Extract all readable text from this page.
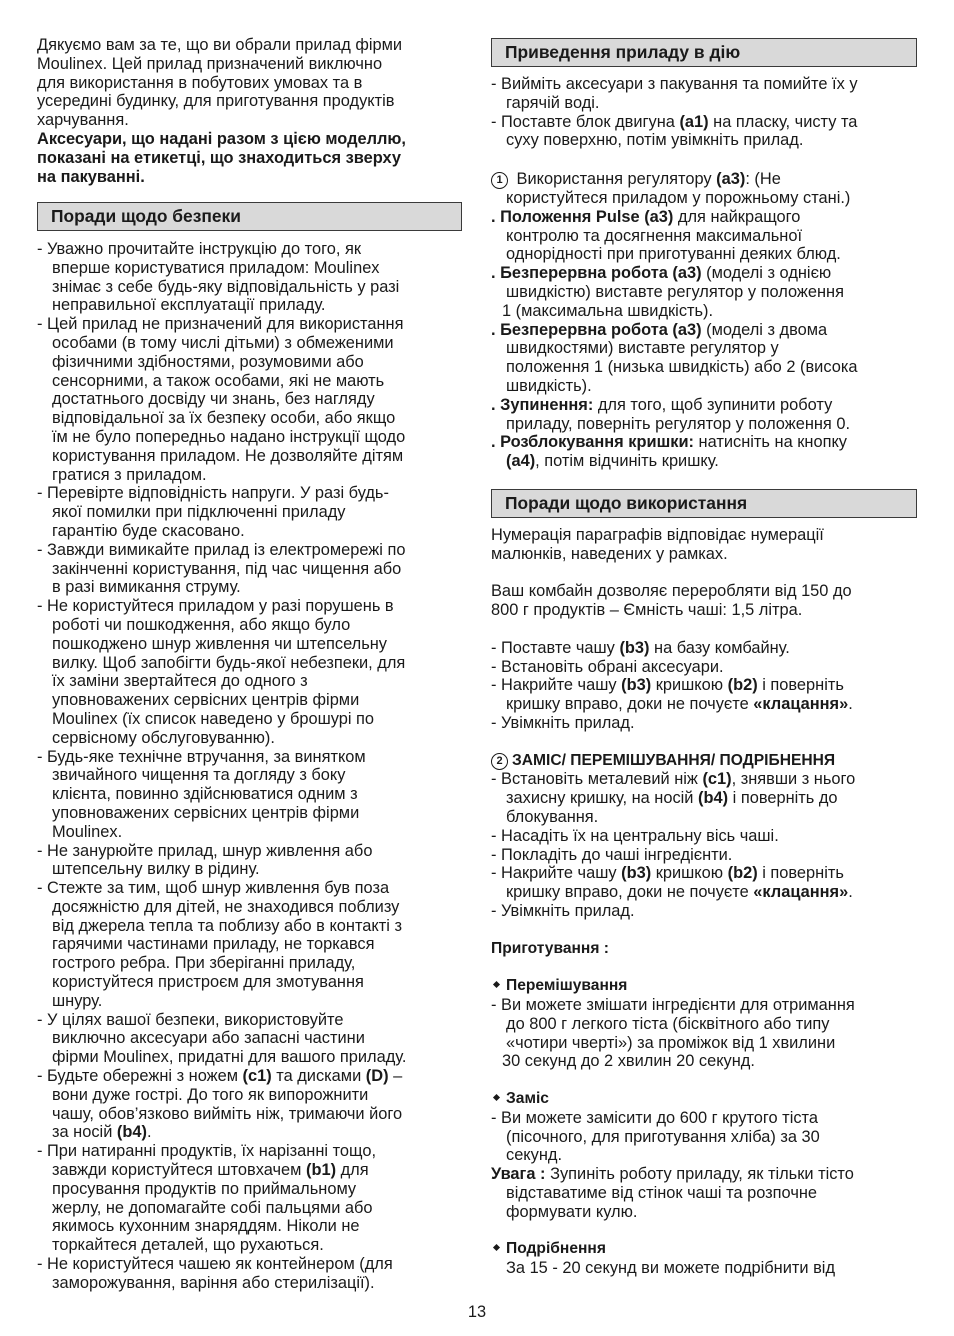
Дякуємо вам за те, що ви обрали прилад фірми

Moulinex. Цей прилад призначений виключно

для використання в побутових умовах та в

усередині будинку, для приготування продуктів

харчування.

Аксесуари, що надані разом з цією моделлю,

показані на етикетці, що знаходиться зверху

на пакуванні.

Поради щодо безпеки

- Уважно прочитайте інструкцію до того, як

вперше користуватися приладом: Moulinex

знімає з себе будь-яку відповідальність у разі

неправильної експлуатації приладу.

- Цей прилад не призначений для використання

особами (в тому числі дітьми) з обмеженими

фізичними здібностями, розумовими або

сенсорними, а також особами, які не мають

достатнього досвіду чи знань, без нагляду

відповідальної за їх безпеку особи, або якщо

їм не було попередньо надано інструкції щодо

користування приладом. Не дозволяйте дітям

гратися з приладом.

- Перевірте відповідність напруги. У разі будь-

якої помилки при підключенні приладу

гарантію буде скасовано.

- Завжди вимикайте прилад із електромережі по

закінченні користування, під час чищення або

в разі вимикання струму.

- Не користуйтеся приладом у разі порушень в

роботі чи пошкодження, або якщо було

пошкоджено шнур живлення чи штепсельну

вилку. Щоб запобігти будь-якої небезпеки, для

їх заміни звертайтеся до одного з

уповноважених сервісних центрів фірми

Moulinex (їх список наведено у брошурі по

сервісному обслуговуванню).

- Будь-яке технічне втручання, за винятком

звичайного чищення та догляду з боку

клієнта, повинно здійснюватися одним з

уповноважених сервісних центрів фірми

Moulinex.

- Не занурюйте прилад, шнур живлення або

штепсельну вилку в рідину.

- Стежте за тим, щоб шнур живлення був поза

досяжністю для дітей, не знаходився поблизу

від джерела тепла та поблизу або в контакті з

гарячими частинами приладу, не торкався

гострого ребра. При зберіганні приладу,

користуйтеся пристроєм для змотування

шнуру.

- У цілях вашої безпеки, використовуйте

виключно аксесуари або запасні частини

фірми Moulinex, придатні для вашого приладу.

- Будьте обережні з ножем (c1) та дисками (D) –

вони дуже гострі. До того як випорожнити

чашу, обов’язково вийміть ніж, тримаючи його

за носій (b4).

- При натиранні продуктів, їх нарізанні тощо,

завжди користуйтеся штовхачем (b1) для

просування продуктів по приймальному

жерлу, не допомагайте собі пальцями або

якимось кухонним знаряддям. Ніколи не

торкайтеся деталей, що рухаються.

- Не користуйтеся чашею як контейнером (для

заморожування, варіння або стерилізації).

Приведення приладу в дію

- Вийміть аксесуари з пакування та помийте їх у

гарячій воді.

- Поставте блок двигуна (a1) на пласку, чисту та

суху поверхню, потім увімкніть прилад.

1 Використання регулятору (a3): (Не

користуйтеся приладом у порожньому стані.)

. Положення Pulse (a3) для найкращого

контролю та досягнення максимальної

однорідності при приготуванні деяких блюд.

. Безперервна робота (a3) (моделі з однією

швидкістю) виставте регулятор у положення

1 (максимальна швидкість).

. Безперервна робота (a3) (моделі з двома

швидкостями) виставте регулятор у

положення 1 (низька швидкість) або 2 (висока

швидкість).

. Зупинення: для того, щоб зупинити роботу

приладу, поверніть регулятор у положення 0.

. Розблокування кришки: натисніть на кнопку

(a4), потім відчиніть кришку.

Поради щодо використання

Нумерація параграфів відповідає нумерації

малюнків, наведених у рамках.

Ваш комбайн дозволяє переробляти від 150 до

800 г продуктів – Ємність чаші: 1,5 літра.

- Поставте чашу (b3) на базу комбайну.

- Встановіть обрані аксесуари.

- Накрийте чашу (b3) кришкою (b2) і поверніть

кришку вправо, доки не почуєте «клацання».

- Увімкніть прилад.

2 ЗАМІС/ ПЕРЕМІШУВАННЯ/ ПОДРІБНЕННЯ

- Встановіть металевий ніж (c1), знявши з нього

захисну кришку, на носій (b4) і поверніть до

блокування.

- Насадіть їх на центральну вісь чаші.

- Покладіть до чаші інгредієнти.

- Накрийте чашу (b3) кришкою (b2) і поверніть

кришку вправо, доки не почуєте «клацання».

- Увімкніть прилад.

Приготування :

Перемішування

- Ви можете змішати інгредієнти для отримання

до 800 г легкого тіста (бісквітного або типу

«чотири чверті») за проміжок від 1 хвилини

30 секунд до 2 хвилин 20 секунд.

Заміс

- Ви можете замісити до 600 г крутого тіста

(пісочного, для приготування хліба) за 30

секунд.

Увага : Зупиніть роботу приладу, як тільки тісто

відставатиме від стінок чаші та розпочне

формувати кулю.

Подрібнення

За 15 - 20 секунд ви можете подрібнити від

13
